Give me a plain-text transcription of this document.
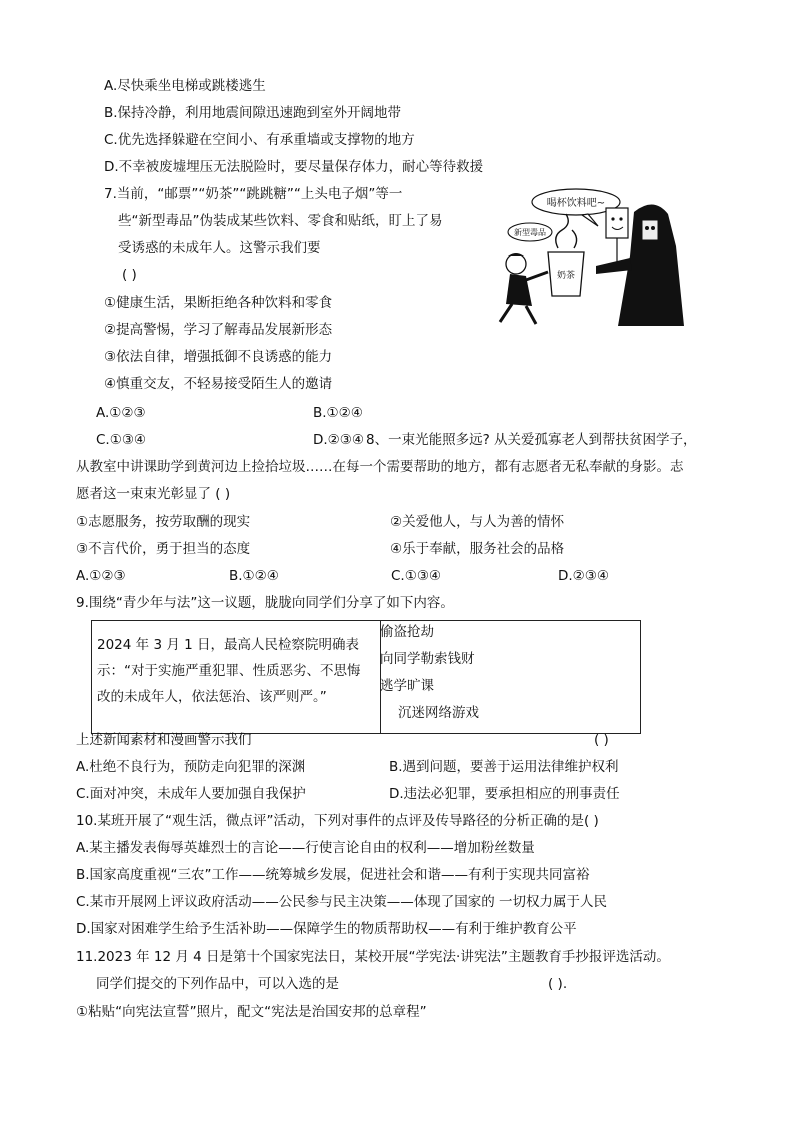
A.尽快乘坐电梯或跳楼逃生
B.保持冷静，利用地震间隙迅速跑到室外开阔地带
C.优先选择躲避在空间小、有承重墙或支撑物的地方
D.不幸被废墟埋压无法脱险时，要尽量保存体力，耐心等待救援
7.当前，“邮票”“奶茶”“跳跳糖”“上头电子烟”等一
些“新型毒品”伪装成某些饮料、零食和贴纸，盯上了易
受诱惑的未成年人。这警示我们要
( )
①健康生活，果断拒绝各种饮料和零食
②提高警惕，学习了解毒品发展新形态
③依法自律，增强抵御不良诱惑的能力
④慎重交友，不轻易接受陌生人的邀请
A.①②③	B.①②④
C.①③④	D.②③④
喝杯饮料吧~
奶茶
新型毒品
8、一束光能照多远? 从关爱孤寡老人到帮扶贫困学子，
从教室中讲课助学到黄河边上捡拾垃圾……在每一个需要帮助的地方，都有志愿者无私奉献的身影。志
愿者这一束束光彰显了 ( )
①志愿服务，按劳取酬的现实	②关爱他人，与人为善的情怀
③不言代价，勇于担当的态度	④乐于奉献，服务社会的品格
A.①②③	B.①②④	C.①③④	D.②③④
9.围绕“青少年与法”这一议题，胧胧向同学们分享了如下内容。
2024 年 3 月 1 日，最高人民检察院明确表
示：“对于实施严重犯罪、性质恶劣、不思悔
改的未成年人，依法惩治、该严则严。”
偷盗抢劫
向同学勒索钱财
逃学旷课
沉迷网络游戏
上述新闻素材和漫画警示我们	( )
A.杜绝不良行为，预防走向犯罪的深渊	B.遇到问题，要善于运用法律维护权利
C.面对冲突，未成年人要加强自我保护	D.违法必犯罪，要承担相应的刑事责任
10.某班开展了“观生活，微点评”活动，下列对事件的点评及传导路径的分析正确的是( )
A.某主播发表侮辱英雄烈士的言论——行使言论自由的权利——增加粉丝数量
B.国家高度重视“三农”工作——统筹城乡发展，促进社会和谐——有利于实现共同富裕
C.某市开展网上评议政府活动——公民参与民主决策——体现了国家的 一切权力属于人民
D.国家对困难学生给予生活补助——保障学生的物质帮助权——有利于维护教育公平
11.2023 年 12 月 4 日是第十个国家宪法日，某校开展“学宪法·讲宪法”主题教育手抄报评选活动。
同学们提交的下列作品中，可以入选的是	( ).
①粘贴“向宪法宣誓”照片，配文“宪法是治国安邦的总章程”
